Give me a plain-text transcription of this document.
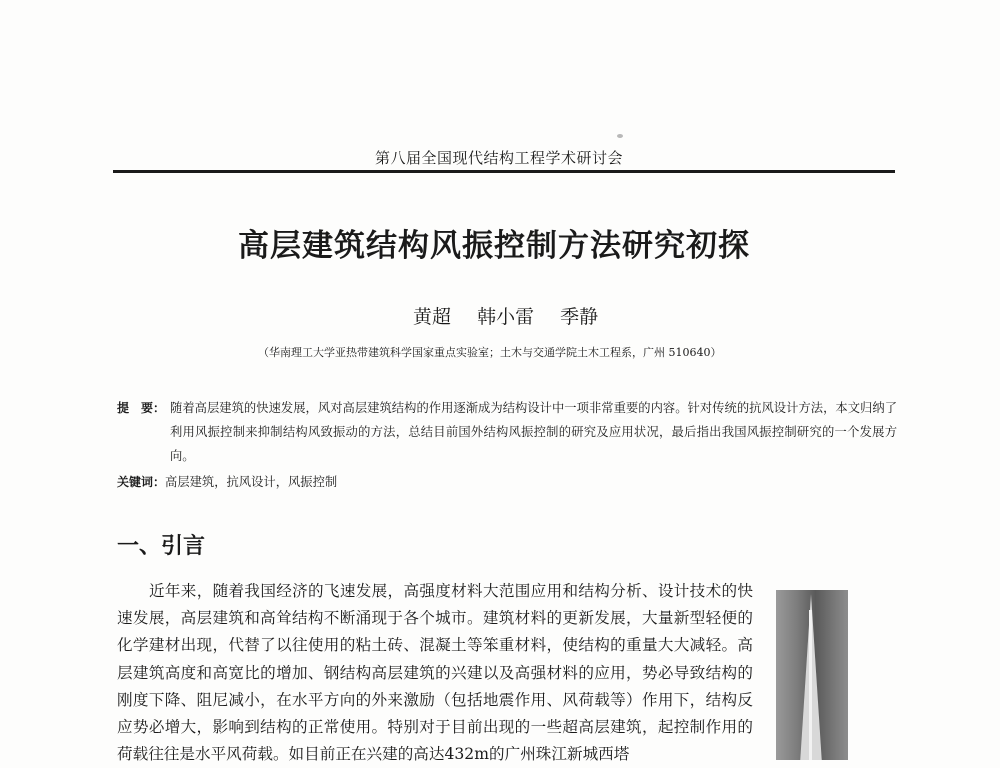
第八届全国现代结构工程学术研讨会
高层建筑结构风振控制方法研究初探
黄超 韩小雷 季静
（华南理工大学亚热带建筑科学国家重点实验室；土木与交通学院土木工程系，广州 510640）
提　要： 随着高层建筑的快速发展，风对高层建筑结构的作用逐渐成为结构设计中一项非常重要的内容。针对传统的抗风设计方法，本文归纳了利用风振控制来抑制结构风致振动的方法，总结目前国外结构风振控制的研究及应用状况，最后指出我国风振控制研究的一个发展方向。
关键词：高层建筑，抗风设计，风振控制
一、引言
近年来，随着我国经济的飞速发展，高强度材料大范围应用和结构分析、设计技术的快速发展，高层建筑和高耸结构不断涌现于各个城市。建筑材料的更新发展，大量新型轻便的化学建材出现，代替了以往使用的粘土砖、混凝土等笨重材料，使结构的重量大大减轻。高层建筑高度和高宽比的增加、钢结构高层建筑的兴建以及高强材料的应用，势必导致结构的刚度下降、阻尼减小，在水平方向的外来激励（包括地震作用、风荷载等）作用下，结构反应势必增大，影响到结构的正常使用。特别对于目前出现的一些超高层建筑，起控制作用的荷载往往是水平风荷载。如目前正在兴建的高达432m的广州珠江新城西塔
